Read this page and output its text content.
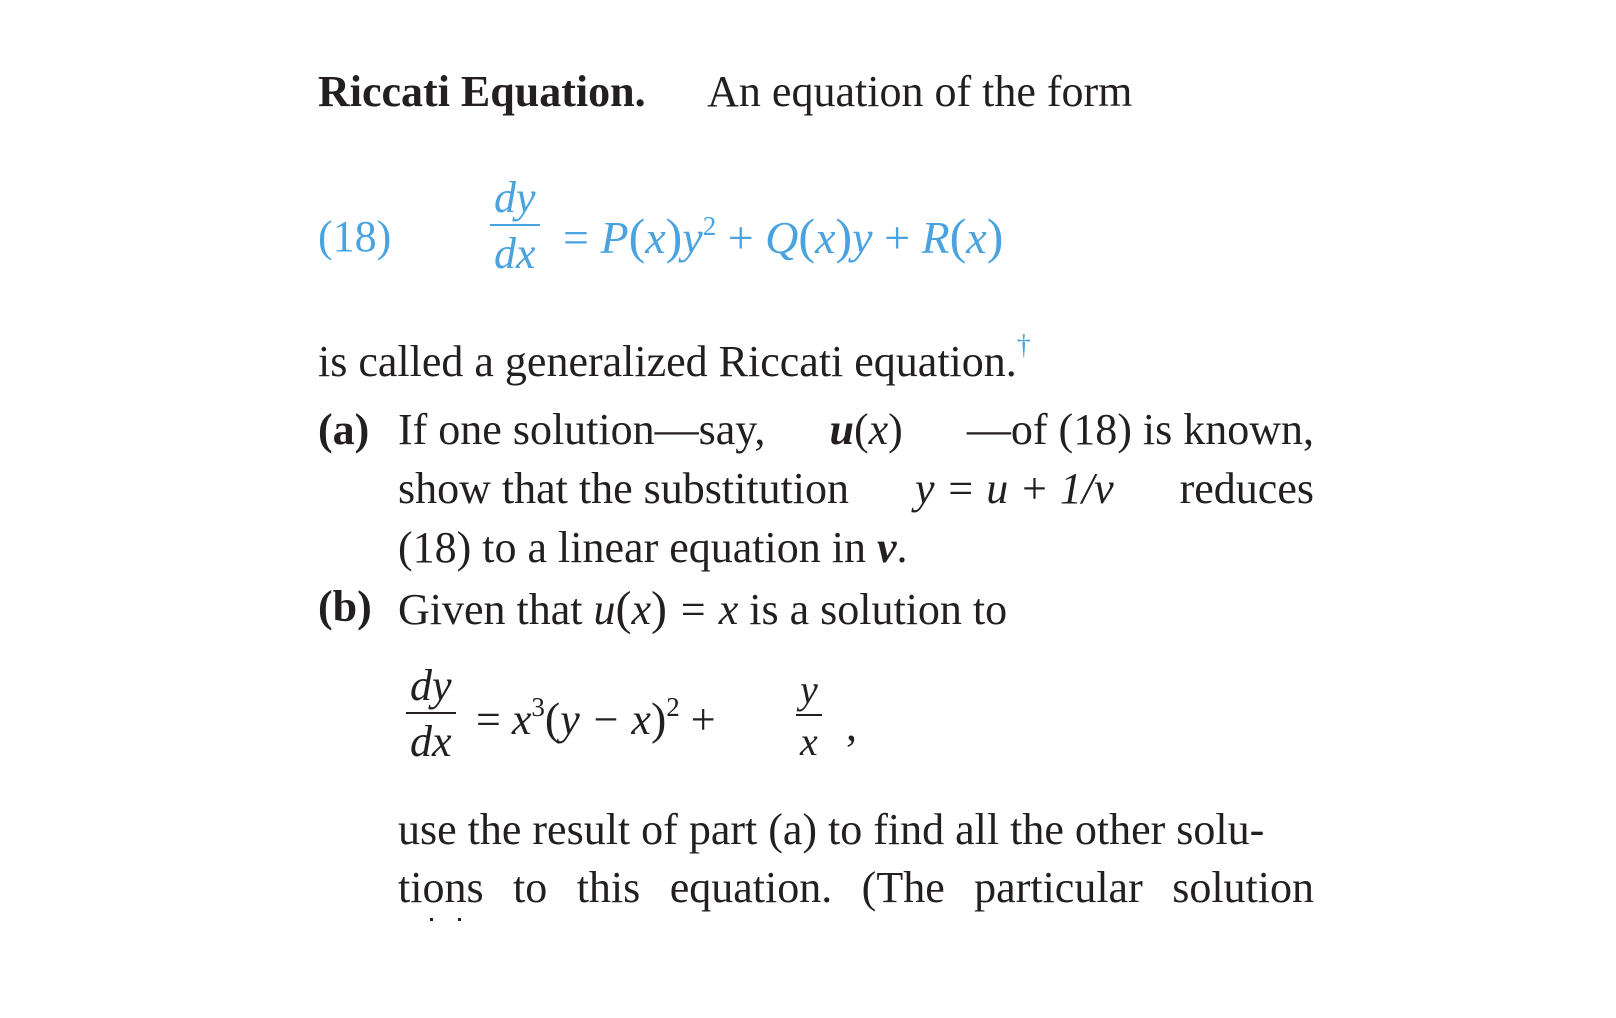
Riccati Equation. An equation of the form
(18)
dy
dx = $P(x)y^2 + Q(x)y + R(x)$
is called a generalized Riccati equation.†
(a) If one solution—say, u(x) —of (18) is known,
show that the substitution y = u + 1/v reduces
(18) to a linear equation in v.
(b) Given that u(x) = x is a solution to
dy
dx = $x^3(y - x)^2$ +
y
x ,
use the result of part (a) to find all the other solu-
tions to this equation. (The particular solution
